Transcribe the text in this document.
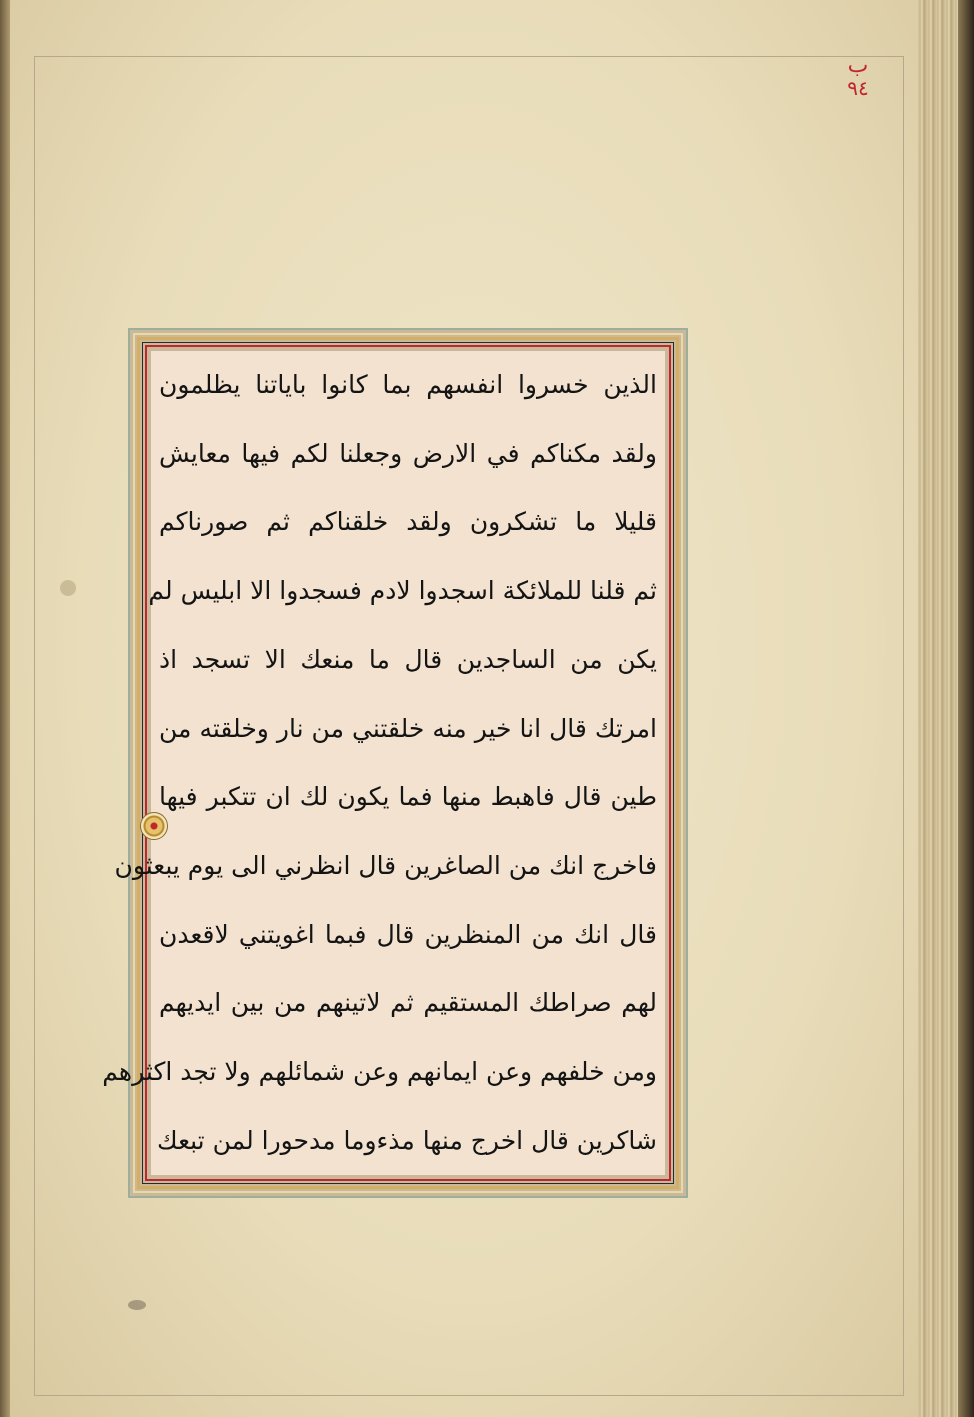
ب
٩٤
الذين خسروا انفسهم بما كانوا باياتنا يظلمون
ولقد مكناكم في الارض وجعلنا لكم فيها معايش
قليلا ما تشكرون ولقد خلقناكم ثم صورناكم
ثم قلنا للملائكة اسجدوا لادم فسجدوا الا ابليس لم
يكن من الساجدين قال ما منعك الا تسجد اذ
امرتك قال انا خير منه خلقتني من نار وخلقته من
طين قال فاهبط منها فما يكون لك ان تتكبر فيها
فاخرج انك من الصاغرين قال انظرني الى يوم يبعثون
قال انك من المنظرين قال فبما اغويتني لاقعدن
لهم صراطك المستقيم ثم لاتينهم من بين ايديهم
ومن خلفهم وعن ايمانهم وعن شمائلهم ولا تجد اكثرهم
شاكرين قال اخرج منها مذءوما مدحورا لمن تبعك
